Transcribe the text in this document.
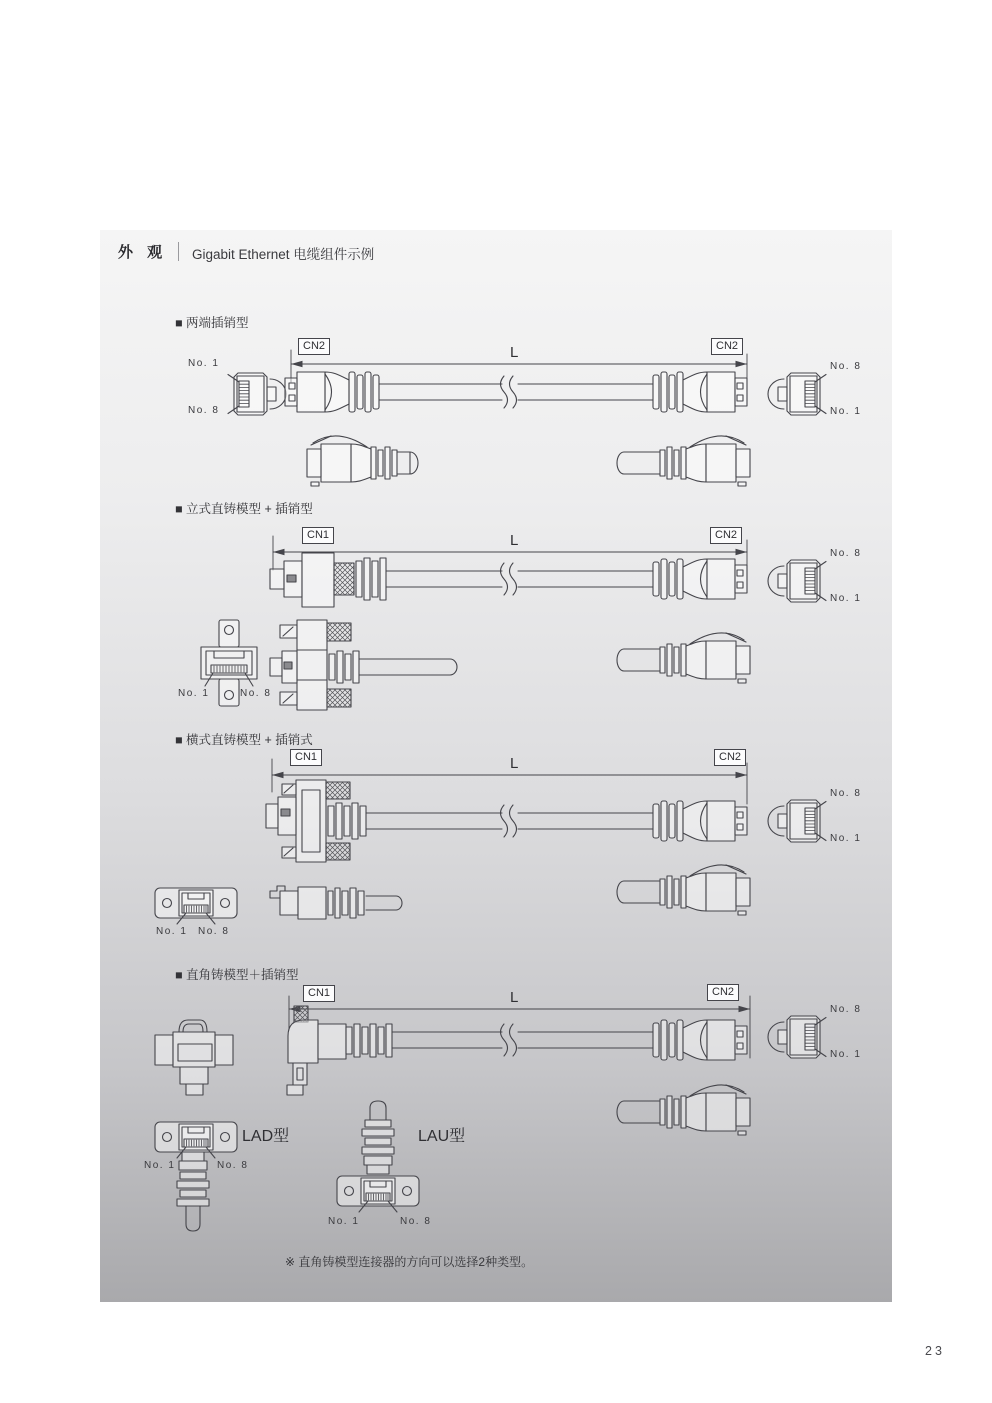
外 观 Gigabit Ethernet 电缆组件示例
■ 两端插销型
■ 立式直铸模型 + 插销型
■ 横式直铸模型 + 插销式
■ 直角铸模型＋插销型
CN2	CN2
CN1	CN2
CN1	CN2
CN1	CN2
L
L
L
L
No. 1
No. 8
No. 8
No. 1
No. 8
No. 1
No. 1	No. 8
No. 8
No. 1
No. 1 No. 8
No. 8
No. 1
No. 1	No. 8
No. 1	No. 8
LAD型	LAU型
※ 直角铸模型连接器的方向可以选择2种类型。
23
